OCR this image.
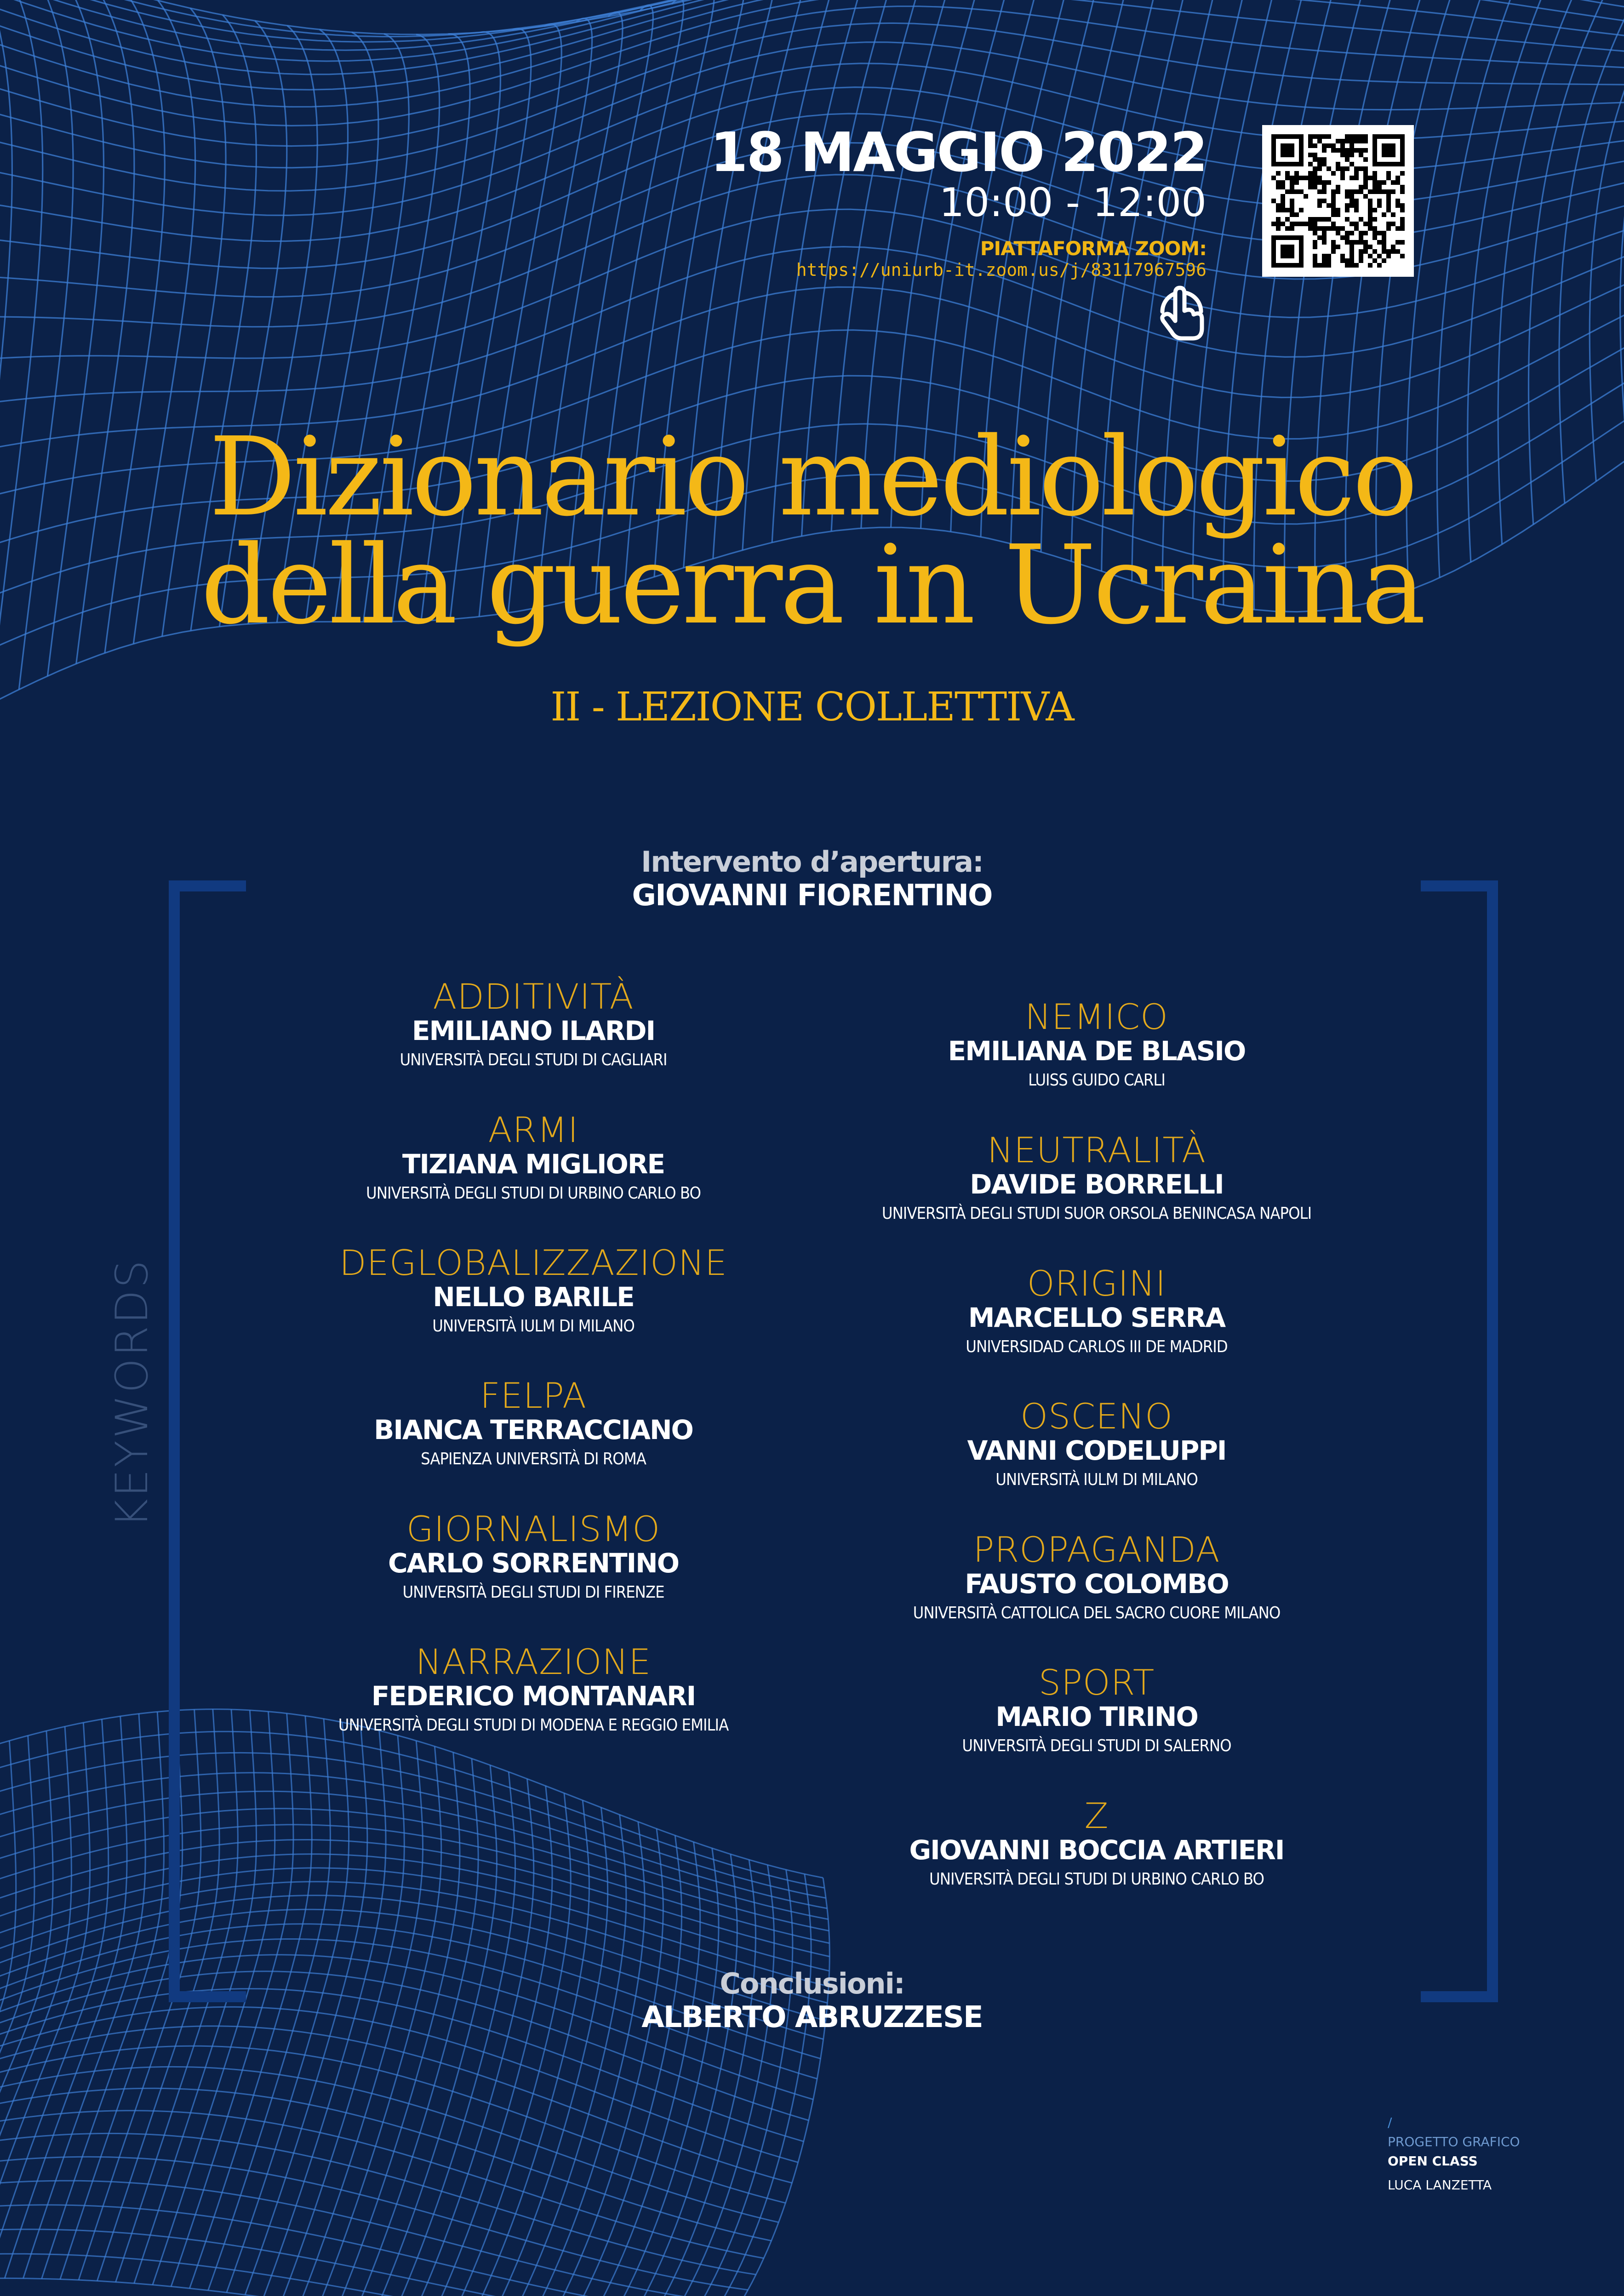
KEYWORDS
18 MAGGIO 2022
10:00 - 12:00
PIATTAFORMA ZOOM:
https://uniurb-it.zoom.us/j/83117967596
Dizionario mediologico
della guerra in Ucraina
II - LEZIONE COLLETTIVA
Intervento d’apertura:
GIOVANNI FIORENTINO
ADDITIVITÀ
EMILIANO ILARDI
UNIVERSITÀ DEGLI STUDI DI CAGLIARI
ARMI
TIZIANA MIGLIORE
UNIVERSITÀ DEGLI STUDI DI URBINO CARLO BO
DEGLOBALIZZAZIONE
NELLO BARILE
UNIVERSITÀ IULM DI MILANO
FELPA
BIANCA TERRACCIANO
SAPIENZA UNIVERSITÀ DI ROMA
GIORNALISMO
CARLO SORRENTINO
UNIVERSITÀ DEGLI STUDI DI FIRENZE
NARRAZIONE
FEDERICO MONTANARI
UNIVERSITÀ DEGLI STUDI DI MODENA E REGGIO EMILIA
NEMICO
EMILIANA DE BLASIO
LUISS GUIDO CARLI
NEUTRALITÀ
DAVIDE BORRELLI
UNIVERSITÀ DEGLI STUDI SUOR ORSOLA BENINCASA NAPOLI
ORIGINI
MARCELLO SERRA
UNIVERSIDAD CARLOS III DE MADRID
OSCENO
VANNI CODELUPPI
UNIVERSITÀ IULM DI MILANO
PROPAGANDA
FAUSTO COLOMBO
UNIVERSITÀ CATTOLICA DEL SACRO CUORE MILANO
SPORT
MARIO TIRINO
UNIVERSITÀ DEGLI STUDI DI SALERNO
Z
GIOVANNI BOCCIA ARTIERI
UNIVERSITÀ DEGLI STUDI DI URBINO CARLO BO
Conclusioni:
ALBERTO ABRUZZESE
/
PROGETTO GRAFICO
OPEN CLASS
LUCA LANZETTA
